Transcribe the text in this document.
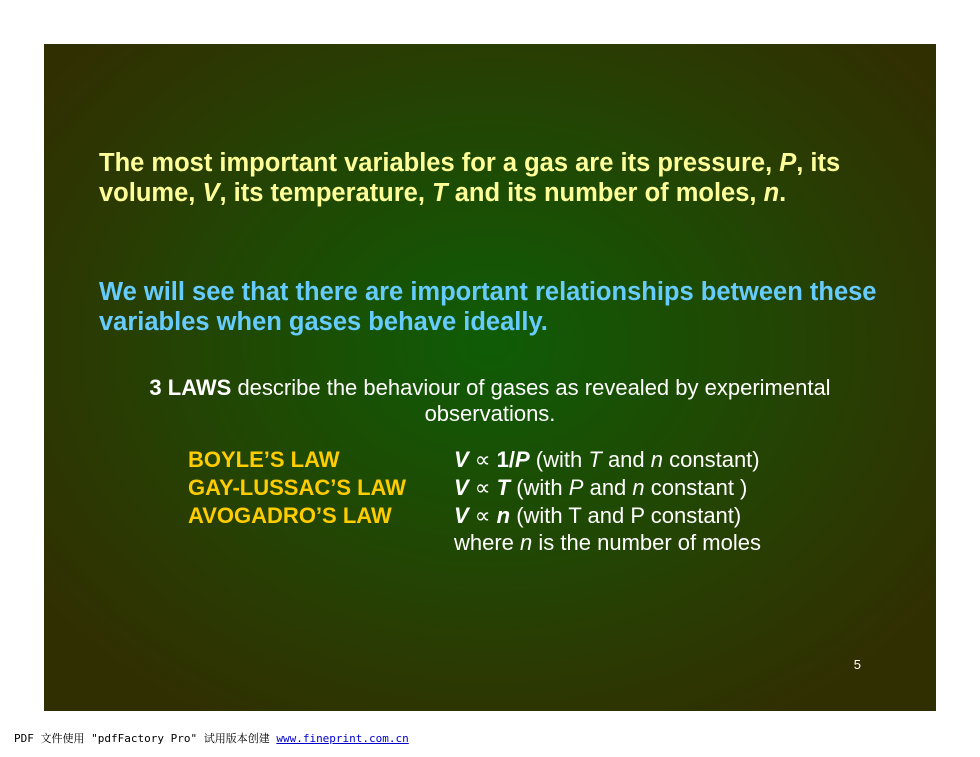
The most important variables for a gas are its pressure, P, its volume, V, its temperature, T and its number of moles, n.
We will see that there are important relationships between these variables when gases behave ideally.
3 LAWS describe the behaviour of gases as revealed by experimental observations.
BOYLE’S LAW	V ∝ 1/P (with T and n constant)
GAY-LUSSAC’S LAW V ∝ T (with P and n constant )
AVOGADRO’S LAW	V ∝ n (with T and P constant)
where n is the number of moles
5
PDF 文件使用 "pdfFactory Pro" 试用版本创建 www.fineprint.com.cn
